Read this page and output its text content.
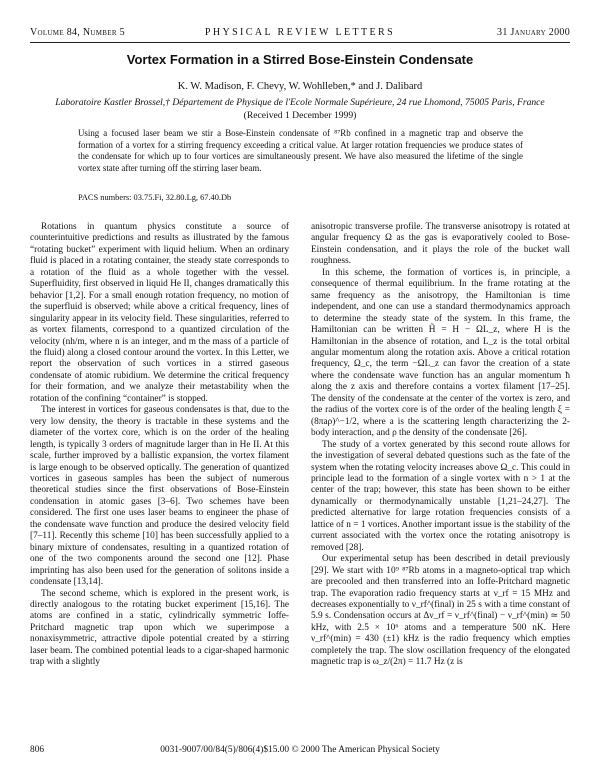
Volume 84, Number 5	PHYSICAL REVIEW LETTERS	31 January 2000
Vortex Formation in a Stirred Bose-Einstein Condensate
K. W. Madison, F. Chevy, W. Wohlleben,* and J. Dalibard
Laboratoire Kastler Brossel,† Département de Physique de l'Ecole Normale Supérieure, 24 rue Lhomond, 75005 Paris, France
(Received 1 December 1999)
Using a focused laser beam we stir a Bose-Einstein condensate of ⁸⁷Rb confined in a magnetic trap and observe the formation of a vortex for a stirring frequency exceeding a critical value. At larger rotation frequencies we produce states of the condensate for which up to four vortices are simultaneously present. We have also measured the lifetime of the single vortex state after turning off the stirring laser beam.
PACS numbers: 03.75.Fi, 32.80.Lg, 67.40.Db

Rotations in quantum physics constitute a source of counterintuitive predictions and results as illustrated by the famous “rotating bucket” experiment with liquid helium. When an ordinary fluid is placed in a rotating container, the steady state corresponds to a rotation of the fluid as a whole together with the vessel. Superfluidity, first observed in liquid He II, changes dramatically this behavior [1,2]. For a small enough rotation frequency, no motion of the superfluid is observed; while above a critical frequency, lines of singularity appear in its velocity field. These singularities, referred to as vortex filaments, correspond to a quantized circulation of the velocity (nh/m, where n is an integer, and m the mass of a particle of the fluid) along a closed contour around the vortex. In this Letter, we report the observation of such vortices in a stirred gaseous condensate of atomic rubidium. We determine the critical frequency for their formation, and we analyze their metastability when the rotation of the confining “container” is stopped.

The interest in vortices for gaseous condensates is that, due to the very low density, the theory is tractable in these systems and the diameter of the vortex core, which is on the order of the healing length, is typically 3 orders of magnitude larger than in He II. At this scale, further improved by a ballistic expansion, the vortex filament is large enough to be observed optically. The generation of quantized vortices in gaseous samples has been the subject of numerous theoretical studies since the first observations of Bose-Einstein condensation in atomic gases [3–6]. Two schemes have been considered. The first one uses laser beams to engineer the phase of the condensate wave function and produce the desired velocity field [7–11]. Recently this scheme [10] has been successfully applied to a binary mixture of condensates, resulting in a quantized rotation of one of the two components around the second one [12]. Phase imprinting has also been used for the generation of solitons inside a condensate [13,14].

The second scheme, which is explored in the present work, is directly analogous to the rotating bucket experiment [15,16]. The atoms are confined in a static, cylindrically symmetric Ioffe-Pritchard magnetic trap upon which we superimpose a nonaxisymmetric, attractive dipole potential created by a stirring laser beam. The combined potential leads to a cigar-shaped harmonic trap with a slightly

anisotropic transverse profile. The transverse anisotropy is rotated at angular frequency Ω as the gas is evaporatively cooled to Bose-Einstein condensation, and it plays the role of the bucket wall roughness.

In this scheme, the formation of vortices is, in principle, a consequence of thermal equilibrium. In the frame rotating at the same frequency as the anisotropy, the Hamiltonian is time independent, and one can use a standard thermodynamics approach to determine the steady state of the system. In this frame, the Hamiltonian can be written H̃ = H − ΩL_z, where H is the Hamiltonian in the absence of rotation, and L_z is the total orbital angular momentum along the rotation axis. Above a critical rotation frequency, Ω_c, the term −ΩL_z can favor the creation of a state where the condensate wave function has an angular momentum ħ along the z axis and therefore contains a vortex filament [17–25]. The density of the condensate at the center of the vortex is zero, and the radius of the vortex core is of the order of the healing length ξ = (8πaρ)^−1/2, where a is the scattering length characterizing the 2-body interaction, and ρ the density of the condensate [26].

The study of a vortex generated by this second route allows for the investigation of several debated questions such as the fate of the system when the rotating velocity increases above Ω_c. This could in principle lead to the formation of a single vortex with n > 1 at the center of the trap; however, this state has been shown to be either dynamically or thermodynamically unstable [1,21–24,27]. The predicted alternative for large rotation frequencies consists of a lattice of n = 1 vortices. Another important issue is the stability of the current associated with the vortex once the rotating anisotropy is removed [28].

Our experimental setup has been described in detail previously [29]. We start with 10⁹ ⁸⁷Rb atoms in a magneto-optical trap which are precooled and then transferred into an Ioffe-Pritchard magnetic trap. The evaporation radio frequency starts at ν_rf = 15 MHz and decreases exponentially to ν_rf^(final) in 25 s with a time constant of 5.9 s. Condensation occurs at Δν_rf = ν_rf^(final) − ν_rf^(min) ≃ 50 kHz, with 2.5 × 10⁶ atoms and a temperature 500 nK. Here ν_rf^(min) = 430 (±1) kHz is the radio frequency which empties completely the trap. The slow oscillation frequency of the elongated magnetic trap is ω_z/(2π) = 11.7 Hz (z is

806	0031-9007/00/84(5)/806(4)$15.00 © 2000 The American Physical Society
